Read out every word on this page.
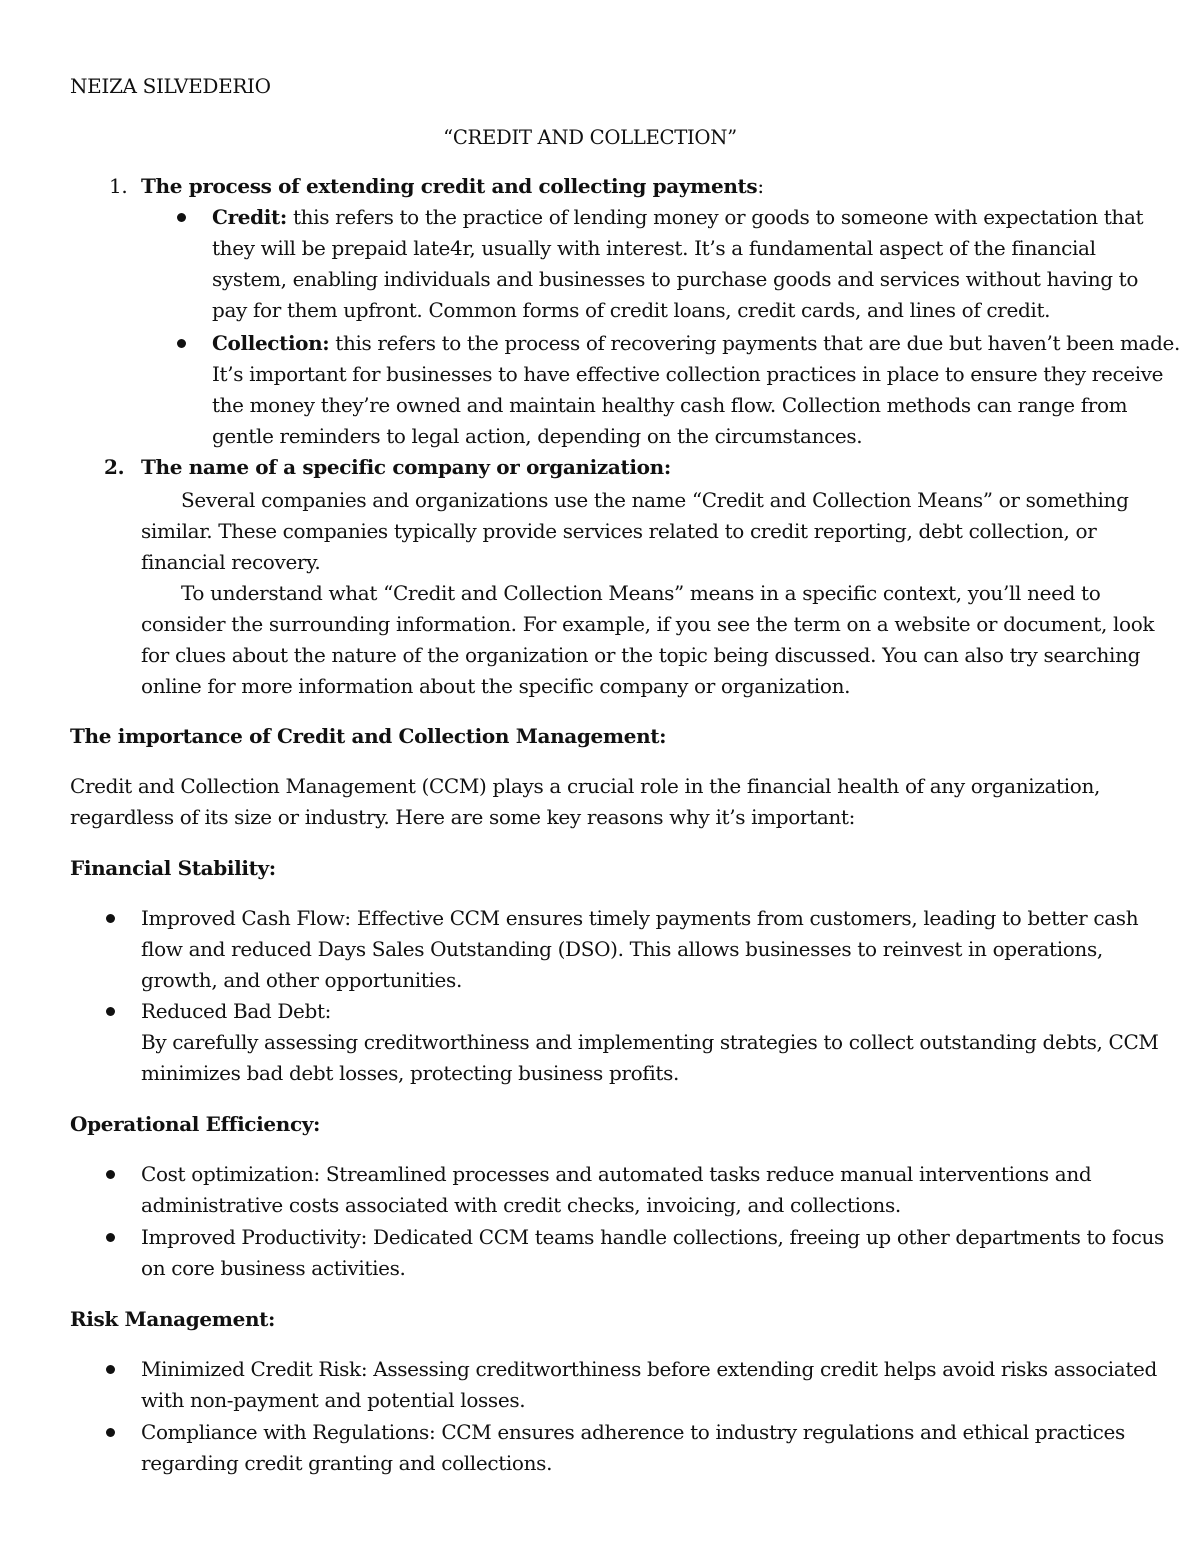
NEIZA SILVEDERIO
“CREDIT AND COLLECTION”
1. The process of extending credit and collecting payments:
Credit: this refers to the practice of lending money or goods to someone with expectation that
they will be prepaid late4r, usually with interest. It’s a fundamental aspect of the financial
system, enabling individuals and businesses to purchase goods and services without having to
pay for them upfront. Common forms of credit loans, credit cards, and lines of credit.
Collection: this refers to the process of recovering payments that are due but haven’t been made.
It’s important for businesses to have effective collection practices in place to ensure they receive
the money they’re owned and maintain healthy cash flow. Collection methods can range from
gentle reminders to legal action, depending on the circumstances.
2. The name of a specific company or organization:
Several companies and organizations use the name “Credit and Collection Means” or something
similar. These companies typically provide services related to credit reporting, debt collection, or
financial recovery.
To understand what “Credit and Collection Means” means in a specific context, you’ll need to
consider the surrounding information. For example, if you see the term on a website or document, look
for clues about the nature of the organization or the topic being discussed. You can also try searching
online for more information about the specific company or organization.
The importance of Credit and Collection Management:
Credit and Collection Management (CCM) plays a crucial role in the financial health of any organization,
regardless of its size or industry. Here are some key reasons why it’s important:
Financial Stability:
Improved Cash Flow: Effective CCM ensures timely payments from customers, leading to better cash
flow and reduced Days Sales Outstanding (DSO). This allows businesses to reinvest in operations,
growth, and other opportunities.
Reduced Bad Debt:
By carefully assessing creditworthiness and implementing strategies to collect outstanding debts, CCM
minimizes bad debt losses, protecting business profits.
Operational Efficiency:
Cost optimization: Streamlined processes and automated tasks reduce manual interventions and
administrative costs associated with credit checks, invoicing, and collections.
Improved Productivity: Dedicated CCM teams handle collections, freeing up other departments to focus
on core business activities.
Risk Management:
Minimized Credit Risk: Assessing creditworthiness before extending credit helps avoid risks associated
with non-payment and potential losses.
Compliance with Regulations: CCM ensures adherence to industry regulations and ethical practices
regarding credit granting and collections.
